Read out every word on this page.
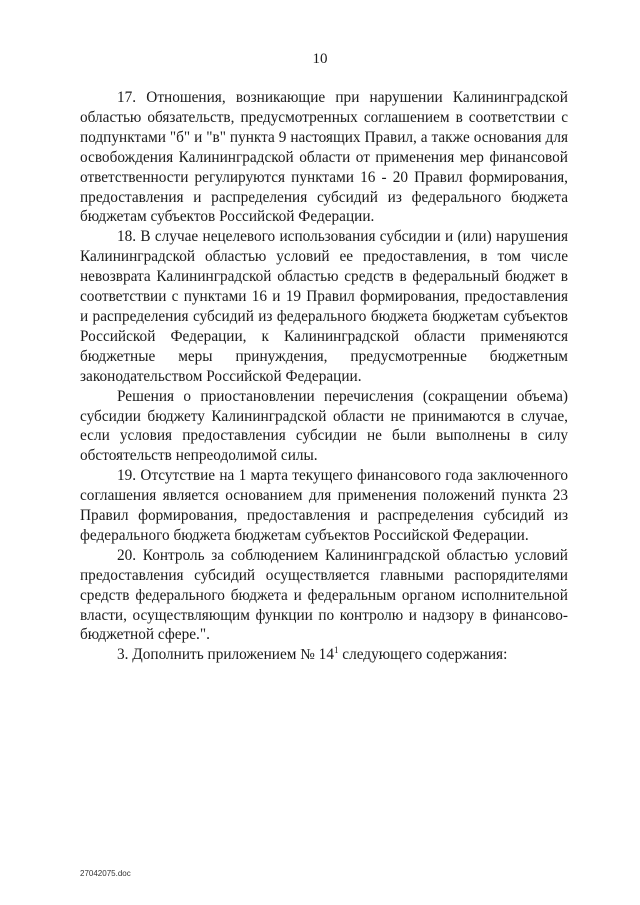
10

17. Отношения, возникающие при нарушении Калининградской областью обязательств, предусмотренных соглашением в соответствии с подпунктами "б" и "в" пункта 9 настоящих Правил, а также основания для освобождения Калининградской области от применения мер финансовой ответственности регулируются пунктами 16 - 20 Правил формирования, предоставления и распределения субсидий из федерального бюджета бюджетам субъектов Российской Федерации.

18. В случае нецелевого использования субсидии и (или) нарушения Калининградской областью условий ее предоставления, в том числе невозврата Калининградской областью средств в федеральный бюджет в соответствии с пунктами 16 и 19 Правил формирования, предоставления и распределения субсидий из федерального бюджета бюджетам субъектов Российской Федерации, к Калининградской области применяются бюджетные меры принуждения, предусмотренные бюджетным законодательством Российской Федерации.

Решения о приостановлении перечисления (сокращении объема) субсидии бюджету Калининградской области не принимаются в случае, если условия предоставления субсидии не были выполнены в силу обстоятельств непреодолимой силы.

19. Отсутствие на 1 марта текущего финансового года заключенного соглашения является основанием для применения положений пункта 23 Правил формирования, предоставления и распределения субсидий из федерального бюджета бюджетам субъектов Российской Федерации.

20. Контроль за соблюдением Калининградской областью условий предоставления субсидий осуществляется главными распорядителями средств федерального бюджета и федеральным органом исполнительной власти, осуществляющим функции по контролю и надзору в финансово-бюджетной сфере.".

3. Дополнить приложением № $14^1$ следующего содержания:

27042075.doc
